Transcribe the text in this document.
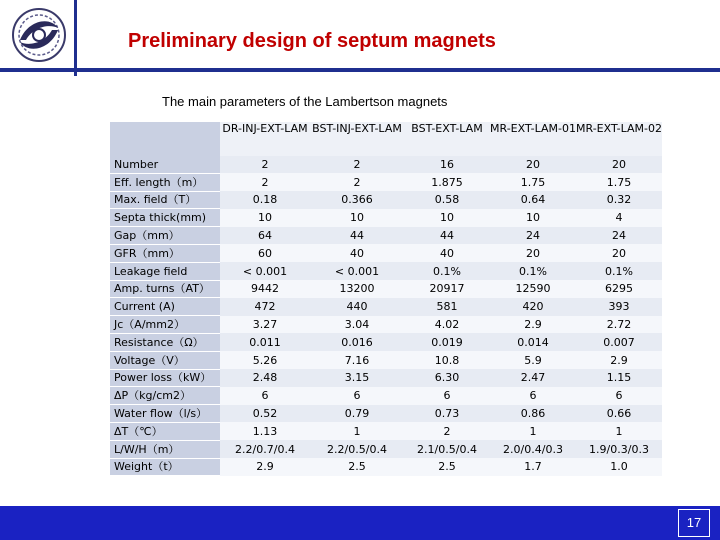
Preliminary design of septum magnets
The main parameters of the Lambertson magnets
	DR-INJ-EXT-LAM	BST-INJ-EXT-LAM	BST-EXT-LAM	MR-EXT-LAM-01	MR-EXT-LAM-02
Number	2	2	16	20	20
Eff. length（m）	2	2	1.875	1.75	1.75
Max. field（T）	0.18	0.366	0.58	0.64	0.32
Septa thick(mm)	10	10	10	10	4
Gap（mm）	64	44	44	24	24
GFR（mm）	60	40	40	20	20
Leakage field	< 0.001	< 0.001	0.1%	0.1%	0.1%
Amp. turns（AT）	9442	13200	20917	12590	6295
Current (A)	472	440	581	420	393
Jc（A/mm2）	3.27	3.04	4.02	2.9	2.72
Resistance（Ω）	0.011	0.016	0.019	0.014	0.007
Voltage（V）	5.26	7.16	10.8	5.9	2.9
Power loss（kW）	2.48	3.15	6.30	2.47	1.15
ΔP（kg/cm2）	6	6	6	6	6
Water flow（l/s）	0.52	0.79	0.73	0.86	0.66
ΔT（℃）	1.13	1	2	1	1
L/W/H（m）	2.2/0.7/0.4	2.2/0.5/0.4	2.1/0.5/0.4	2.0/0.4/0.3	1.9/0.3/0.3
Weight（t）	2.9	2.5	2.5	1.7	1.0
17
